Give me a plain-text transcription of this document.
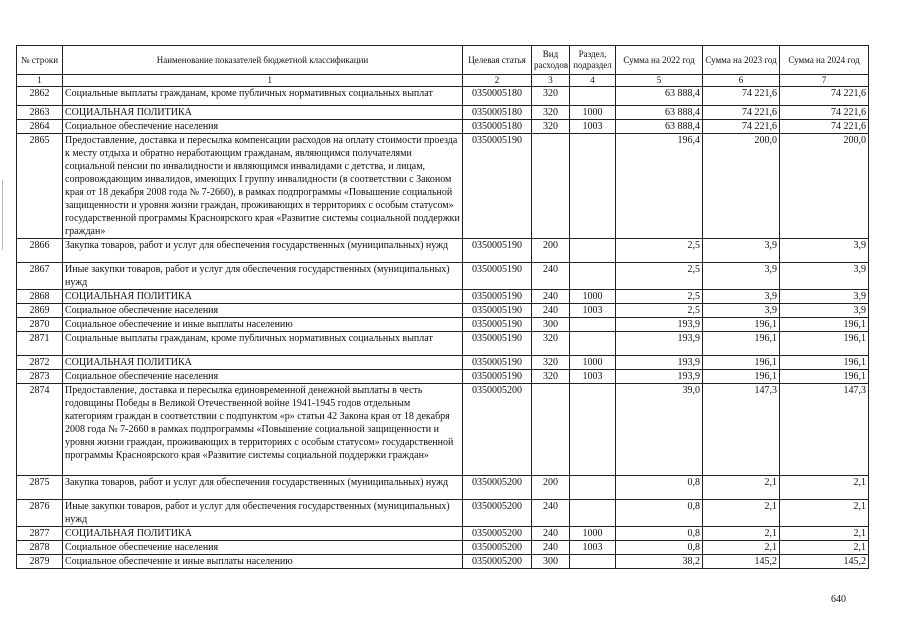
№ строки	Наименование показателей бюджетной классификации	Целевая статья	Вид расходов	Раздел, подраздел	Сумма на 2022 год	Сумма на 2023 год	Сумма на 2024 год
1	1	2	3	4	5	6	7
2862	Социальные выплаты гражданам, кроме публичных нормативных социальных выплат	0350005180	320		63 888,4	74 221,6	74 221,6
2863	СОЦИАЛЬНАЯ ПОЛИТИКА	0350005180	320	1000	63 888,4	74 221,6	74 221,6
2864	Социальное обеспечение населения	0350005180	320	1003	63 888,4	74 221,6	74 221,6
2865	Предоставление, доставка и пересылка компенсации расходов на оплату стоимости проезда к месту отдыха и обратно неработающим гражданам, являющимся получателями социальной пенсии по инвалидности и являющимся инвалидами с детства, и лицам, сопровождающим инвалидов, имеющих I группу инвалидности (в соответствии с Законом края от 18 декабря 2008 года № 7-2660), в рамках подпрограммы «Повышение социальной защищенности и уровня жизни граждан, проживающих в территориях с особым статусом» государственной программы Красноярского края «Развитие системы социальной поддержки граждан»	0350005190			196,4	200,0	200,0
2866	Закупка товаров, работ и услуг для обеспечения государственных (муниципальных) нужд	0350005190	200		2,5	3,9	3,9
2867	Иные закупки товаров, работ и услуг для обеспечения государственных (муниципальных) нужд	0350005190	240		2,5	3,9	3,9
2868	СОЦИАЛЬНАЯ ПОЛИТИКА	0350005190	240	1000	2,5	3,9	3,9
2869	Социальное обеспечение населения	0350005190	240	1003	2,5	3,9	3,9
2870	Социальное обеспечение и иные выплаты населению	0350005190	300		193,9	196,1	196,1
2871	Социальные выплаты гражданам, кроме публичных нормативных социальных выплат	0350005190	320		193,9	196,1	196,1
2872	СОЦИАЛЬНАЯ ПОЛИТИКА	0350005190	320	1000	193,9	196,1	196,1
2873	Социальное обеспечение населения	0350005190	320	1003	193,9	196,1	196,1
2874	Предоставление, доставка и пересылка единовременной денежной выплаты в честь годовщины Победы в Великой Отечественной войне 1941-1945 годов отдельным категориям граждан в соответствии с подпунктом «р» статьи 42 Закона края от 18 декабря 2008 года № 7-2660 в рамках подпрограммы «Повышение социальной защищенности и уровня жизни граждан, проживающих в территориях с особым статусом» государственной программы Красноярского края «Развитие системы социальной поддержки граждан»	0350005200			39,0	147,3	147,3
2875	Закупка товаров, работ и услуг для обеспечения государственных (муниципальных) нужд	0350005200	200		0,8	2,1	2,1
2876	Иные закупки товаров, работ и услуг для обеспечения государственных (муниципальных) нужд	0350005200	240		0,8	2,1	2,1
2877	СОЦИАЛЬНАЯ ПОЛИТИКА	0350005200	240	1000	0,8	2,1	2,1
2878	Социальное обеспечение населения	0350005200	240	1003	0,8	2,1	2,1
2879	Социальное обеспечение и иные выплаты населению	0350005200	300		38,2	145,2	145,2
640
